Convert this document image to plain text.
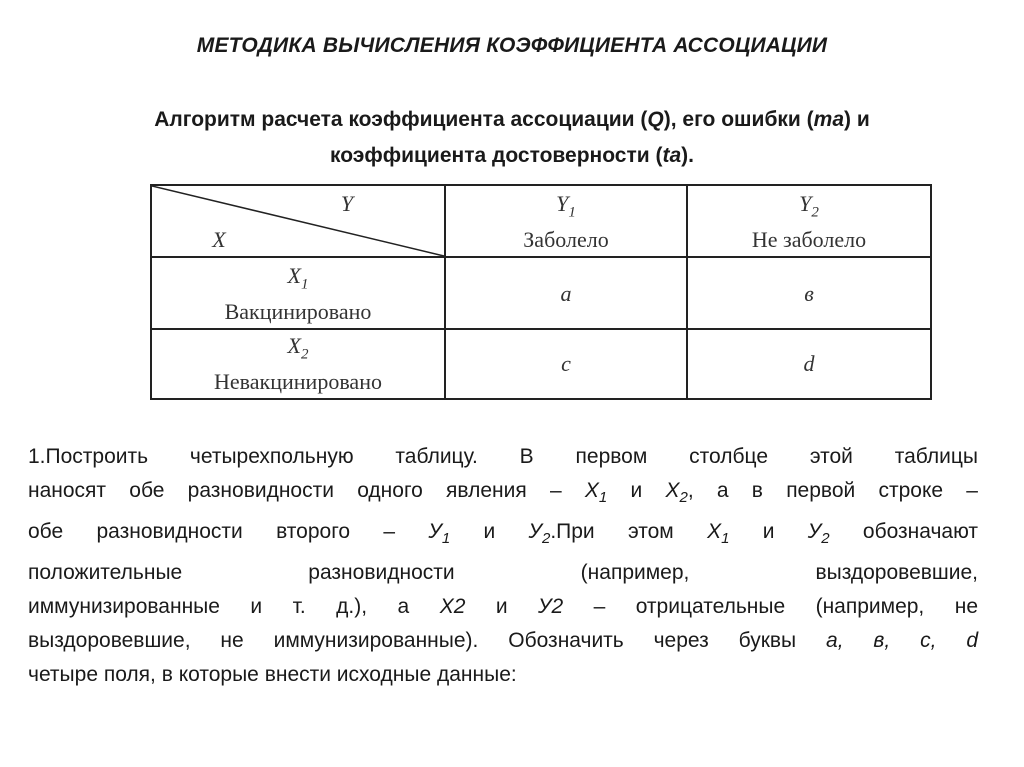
МЕТОДИКА ВЫЧИСЛЕНИЯ КОЭФФИЦИЕНТА АССОЦИАЦИИ
Алгоритм расчета коэффициента ассоциации (Q), его ошибки (ma) и
коэффициента достоверности (ta).
Y
X
$Y_1$
Заболело
$Y_2$
Не заболело
$X_1$
Вакцинировано
$X_2$
Невакцинировано
a	в
c	d
1.Построить четырехпольную таблицу. В первом столбце этой таблицы
наносят обе разновидности одного явления – $X_1$ и $X_2$, а в первой строке –
обе разновидности второго – $У_1$ и $У_2.При$ этом $X_1$ и $У_2$ обозначают
положительные разновидности (например, выздоровевшие,
иммунизированные и т. д.), а X2 и У2 – отрицательные (например, не
выздоровевшие, не иммунизированные). Обозначить через буквы а, в, с, d
четыре поля, в которые внести исходные данные:
